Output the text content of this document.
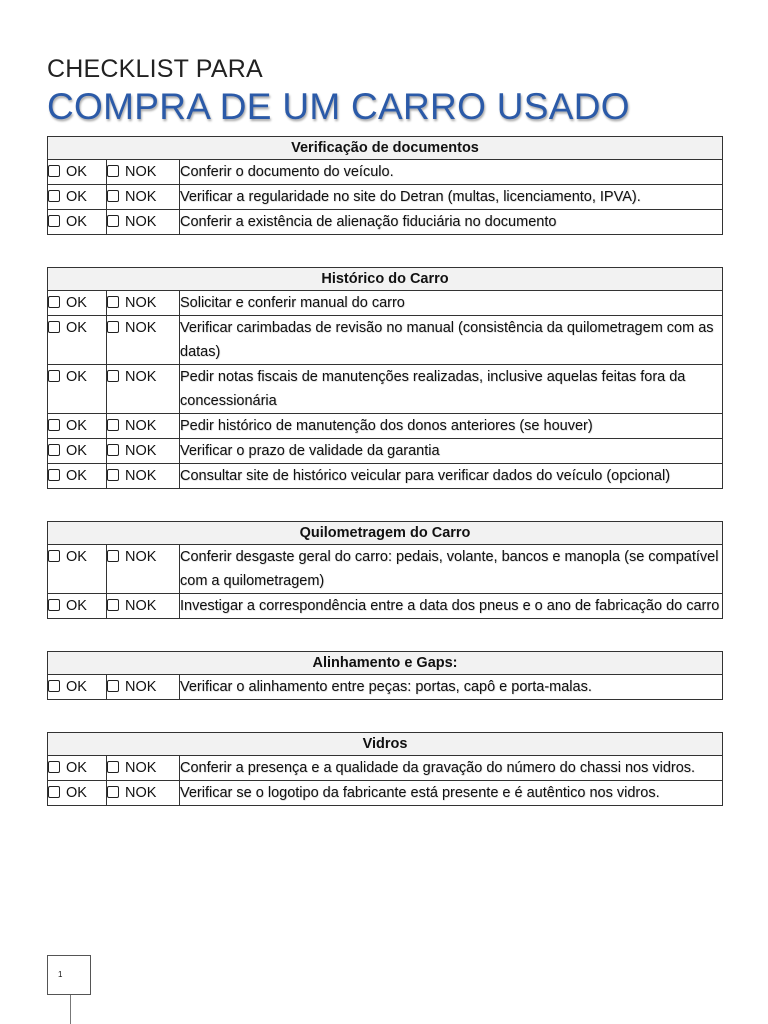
CHECKLIST PARA
COMPRA DE UM CARRO USADO
Verificação de documentos		
OK	NOK	Conferir o documento do veículo.
OK	NOK	Verificar a regularidade no site do Detran (multas, licenciamento, IPVA).
OK	NOK	Conferir a existência de alienação fiduciária no documento
Histórico do Carro		
OK	NOK	Solicitar e conferir manual do carro
OK	NOK	Verificar carimbadas de revisão no manual (consistência da quilometragem com as datas)
OK	NOK	Pedir notas fiscais de manutenções realizadas, inclusive aquelas feitas fora da concessionária
OK	NOK	Pedir histórico de manutenção dos donos anteriores (se houver)
OK	NOK	Verificar o prazo de validade da garantia
OK	NOK	Consultar site de histórico veicular para verificar dados do veículo (opcional)
Quilometragem do Carro		
OK	NOK	Conferir desgaste geral do carro: pedais, volante, bancos e manopla (se compatível com a quilometragem)
OK	NOK	Investigar a correspondência entre a data dos pneus e o ano de fabricação do carro
Alinhamento e Gaps:
OK	NOK	Verificar o alinhamento entre peças: portas, capô e porta-malas.
Vidros		
OK	NOK	Conferir a presença e a qualidade da gravação do número do chassi nos vidros.
OK	NOK	Verificar se o logotipo da fabricante está presente e é autêntico nos vidros.
1
